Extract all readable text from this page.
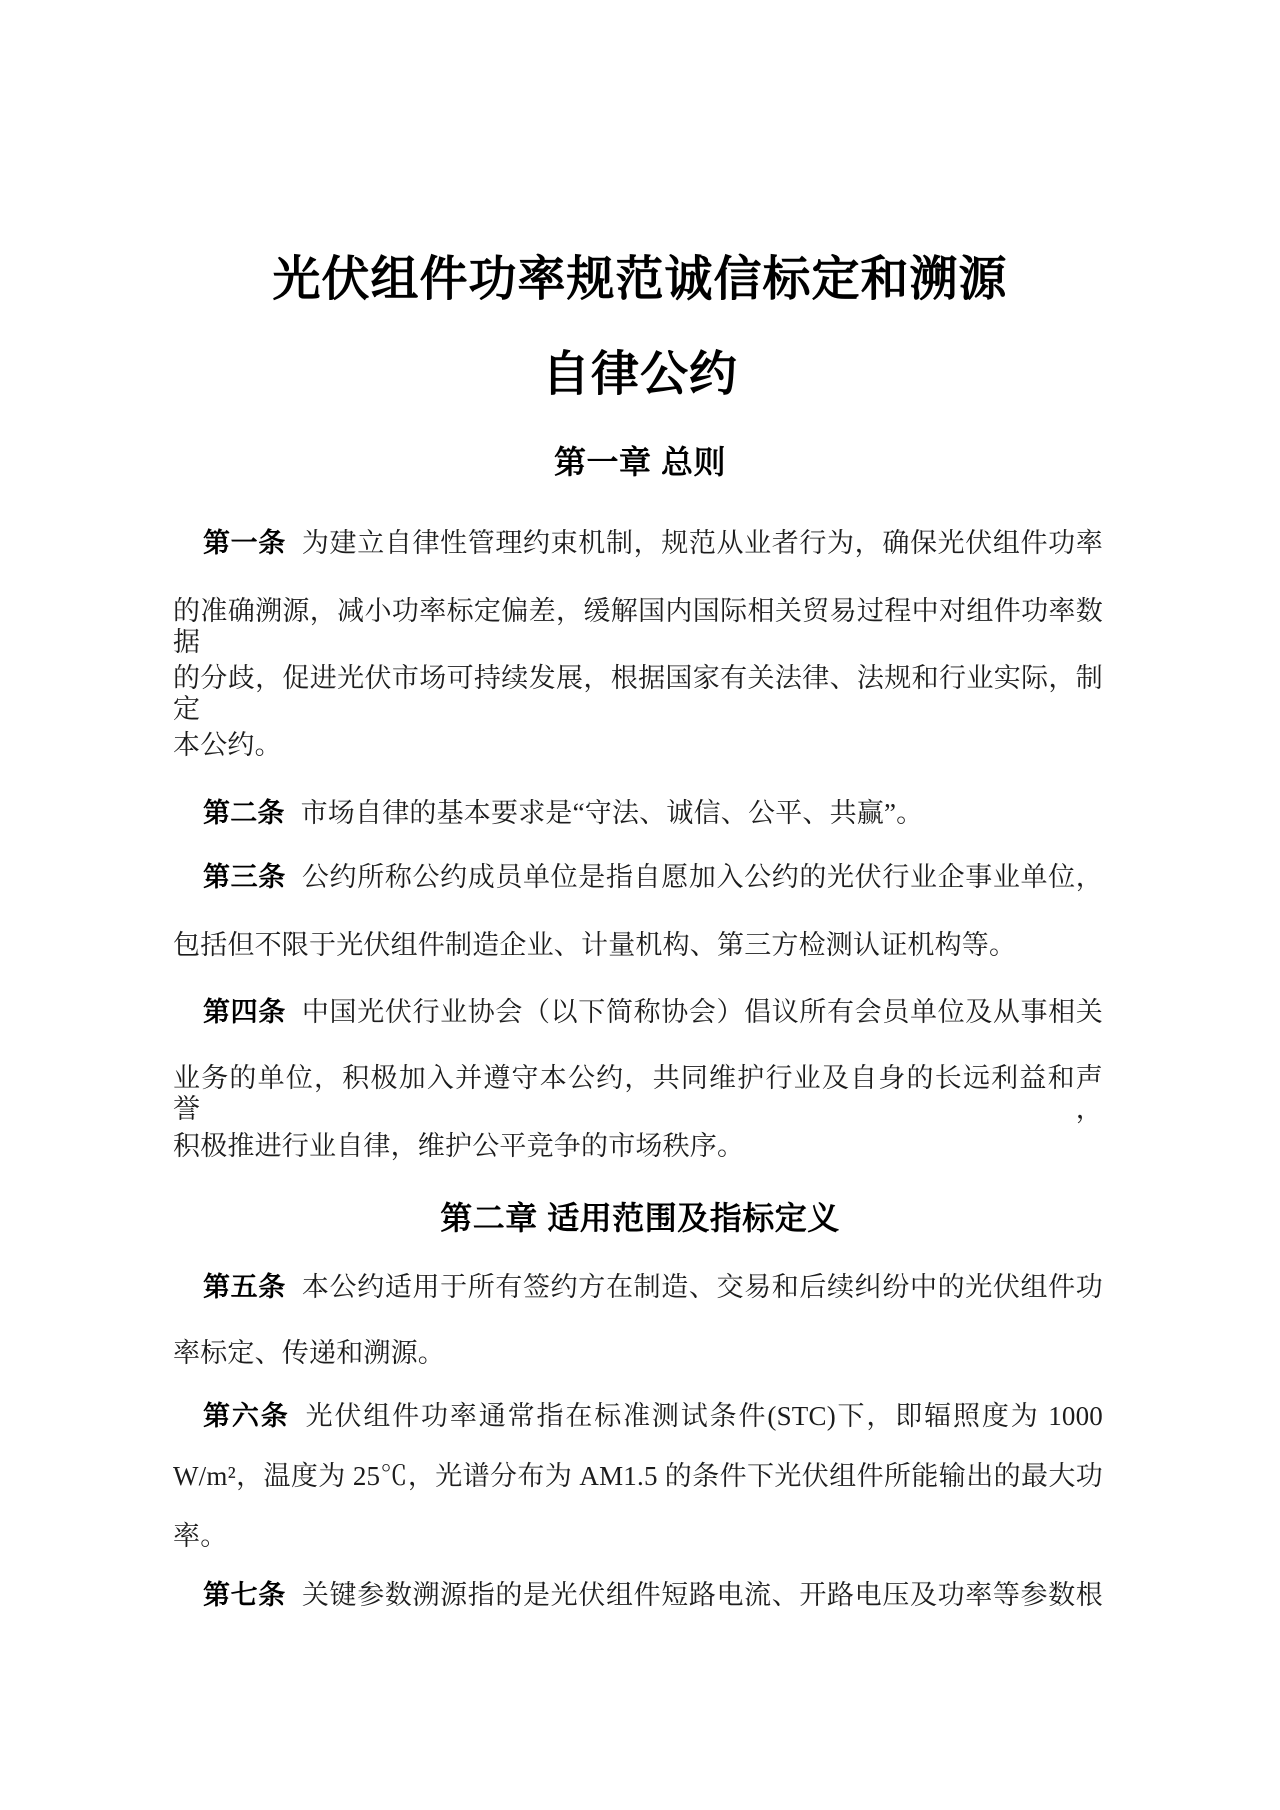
光伏组件功率规范诚信标定和溯源
自律公约
第一章 总则
第一条 为建立自律性管理约束机制，规范从业者行为，确保光伏组件功率
的准确溯源，减小功率标定偏差，缓解国内国际相关贸易过程中对组件功率数据
的分歧，促进光伏市场可持续发展，根据国家有关法律、法规和行业实际，制定
本公约。
第二条 市场自律的基本要求是“守法、诚信、公平、共赢”。
第三条 公约所称公约成员单位是指自愿加入公约的光伏行业企事业单位，
包括但不限于光伏组件制造企业、计量机构、第三方检测认证机构等。
第四条 中国光伏行业协会（以下简称协会）倡议所有会员单位及从事相关
业务的单位，积极加入并遵守本公约，共同维护行业及自身的长远利益和声誉，
积极推进行业自律，维护公平竞争的市场秩序。
第二章 适用范围及指标定义
第五条 本公约适用于所有签约方在制造、交易和后续纠纷中的光伏组件功
率标定、传递和溯源。
第六条 光伏组件功率通常指在标准测试条件(STC)下，即辐照度为 1000
W/m²，温度为 25℃，光谱分布为 AM1.5 的条件下光伏组件所能输出的最大功
率。
第七条 关键参数溯源指的是光伏组件短路电流、开路电压及功率等参数根
